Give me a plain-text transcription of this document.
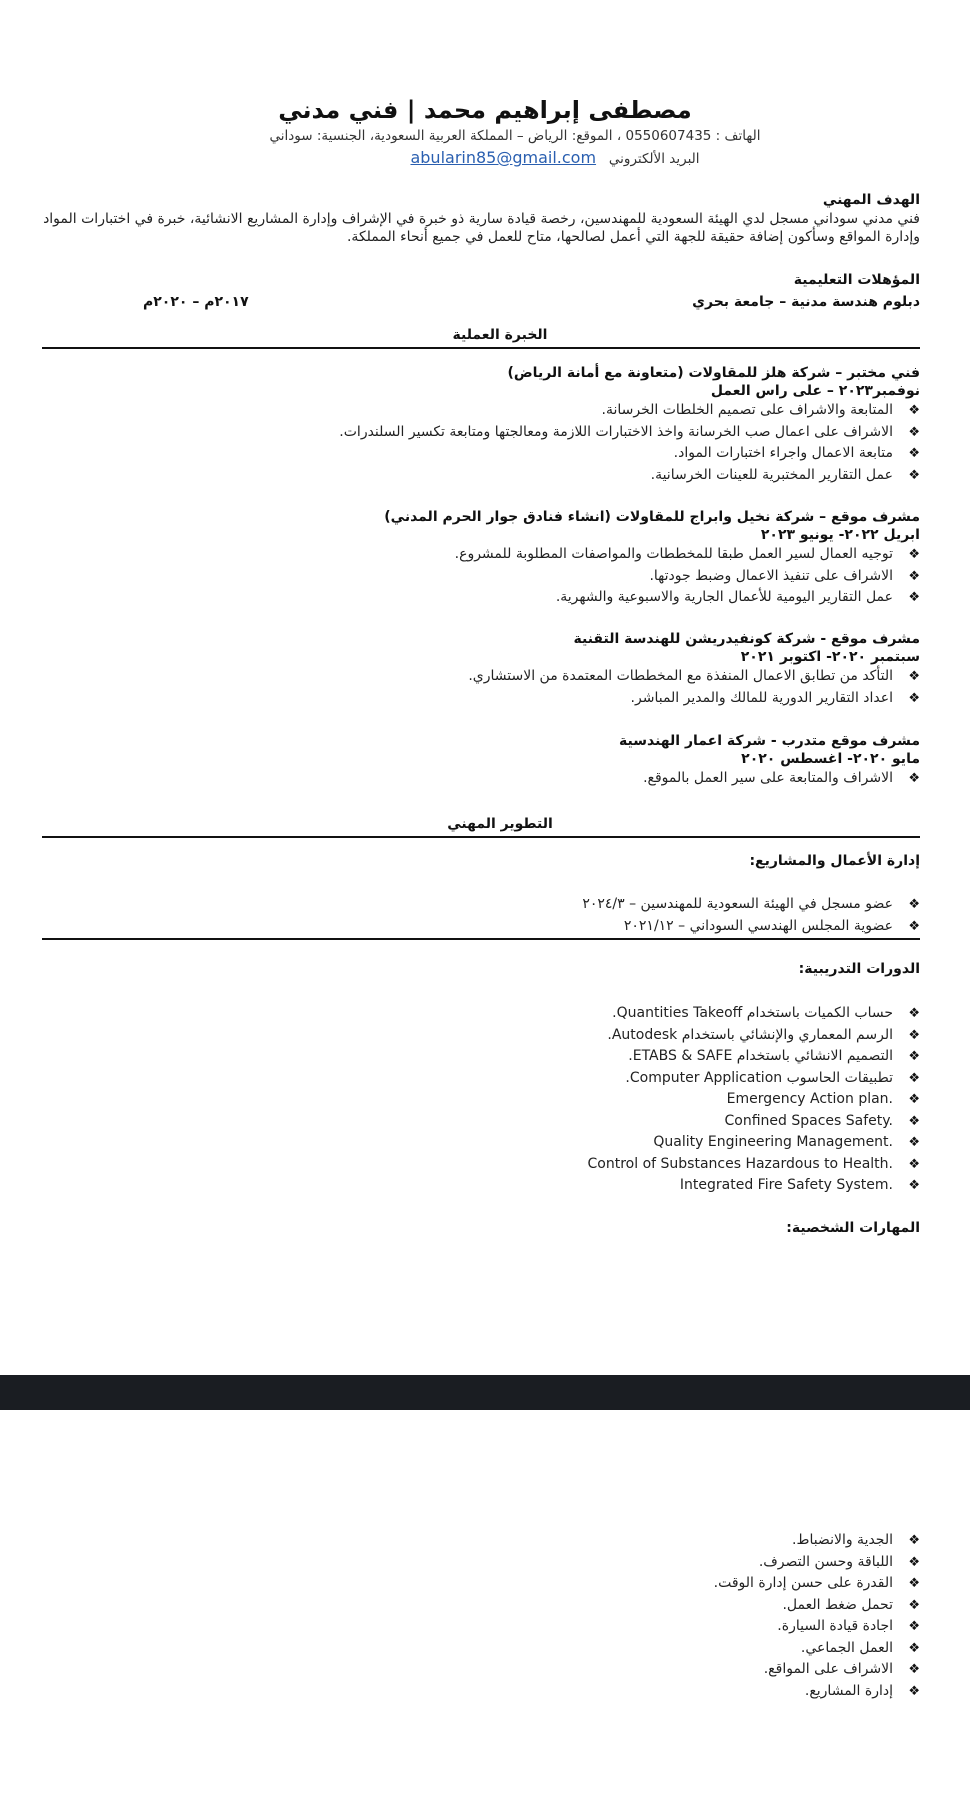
مصطفى إبراهيم محمد | فني مدني
الهاتف : 0550607435 ، الموقع: الرياض – المملكة العربية السعودية، الجنسية: سوداني
البريد الألكتروني   abularin85@gmail.com
الهدف المهني
فني مدني سوداني مسجل لدي الهيئة السعودية للمهندسين، رخصة قيادة سارية ذو خبرة في الإشراف وإدارة المشاريع الانشائية، خبرة في اختبارات المواد
وإدارة المواقع وسأكون إضافة حقيقة للجهة التي أعمل لصالحها، متاح للعمل في جميع أنحاء المملكة.
المؤهلات التعليمية
دبلوم هندسة مدنية – جامعة بحري
٢٠١٧م – ٢٠٢٠م
الخبرة العملية
فني مختبر – شركة هلز للمقاولات (متعاونة مع أمانة الرياض)
نوفمبر٢٠٢٣ – على راس العمل
❖المتابعة والاشراف على تصميم الخلطات الخرسانة.
❖الاشراف على اعمال صب الخرسانة واخذ الاختبارات اللازمة ومعالجتها ومتابعة تكسير السلندرات.
❖متابعة الاعمال واجراء اختبارات المواد.
❖عمل التقارير المختبرية للعينات الخرسانية.
مشرف موقع – شركة نخيل وابراج للمقاولات (انشاء فنادق جوار الحرم المدني)
ابريل ٢٠٢٢- يونيو ٢٠٢٣
❖توجيه العمال لسير العمل طبقا للمخططات والمواصفات المطلوبة للمشروع.
❖الاشراف على تنفيذ الاعمال وضبط جودتها.
❖عمل التقارير اليومية للأعمال الجارية والاسبوعية والشهرية.
مشرف موقع - شركة كونفيدريشن للهندسة التقنية
سبتمبر ٢٠٢٠- اكتوبر ٢٠٢١
❖التأكد من تطابق الاعمال المنفذة مع المخططات المعتمدة من الاستشاري.
❖اعداد التقارير الدورية للمالك والمدير المباشر.
مشرف موقع متدرب - شركة اعمار الهندسية
مايو ٢٠٢٠- اغسطس ٢٠٢٠
❖الاشراف والمتابعة على سير العمل بالموقع.
التطوير المهني
إدارة الأعمال والمشاريع:
❖عضو مسجل في الهيئة السعودية للمهندسين – ٢٠٢٤/٣
❖عضوية المجلس الهندسي السوداني – ٢٠٢١/١٢
الدورات التدريبية:
❖حساب الكميات باستخدام Quantities Takeoff.
❖الرسم المعماري والإنشائي باستخدام Autodesk.
❖التصميم الانشائي باستخدام ETABS & SAFE.
❖تطبيقات الحاسوب Computer Application.
❖Emergency Action plan.
❖Confined Spaces Safety.
❖Quality Engineering Management.
❖Control of Substances Hazardous to Health.
❖Integrated Fire Safety System.
المهارات الشخصية:
❖الجدية والانضباط.
❖اللباقة وحسن التصرف.
❖القدرة على حسن إدارة الوقت.
❖تحمل ضغط العمل.
❖اجادة قيادة السيارة.
❖العمل الجماعي.
❖الاشراف على المواقع.
❖إدارة المشاريع.
